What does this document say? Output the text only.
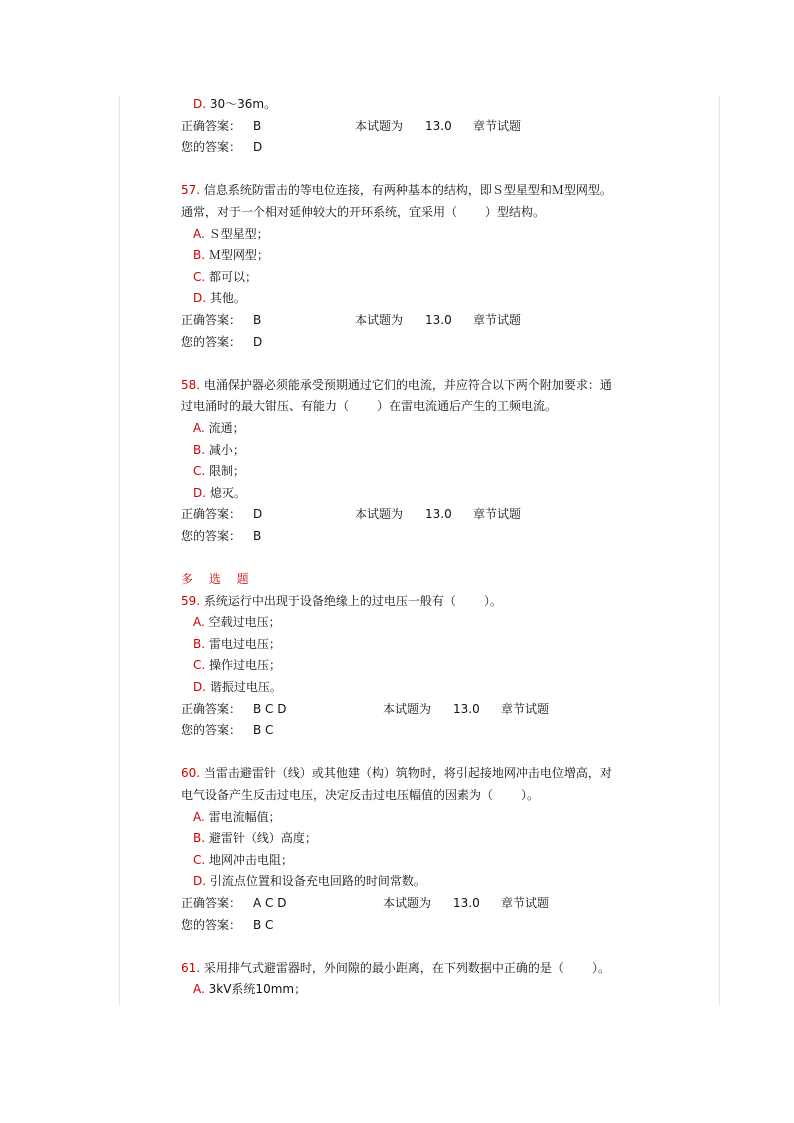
D. 30～36m。
正确答案： B	本试题为	13.0	章节试题
您的答案： D
57. 信息系统防雷击的等电位连接，有两种基本的结构，即Ｓ型星型和Ｍ型网型。
通常，对于一个相对延伸较大的开环系统，宜采用（ ）型结构。
A. Ｓ型星型；
B. Ｍ型网型；
C. 都可以；
D. 其他。
正确答案： B	本试题为	13.0	章节试题
您的答案： D
58. 电涌保护器必须能承受预期通过它们的电流，并应符合以下两个附加要求：通
过电涌时的最大钳压、有能力（ ）在雷电流通后产生的工频电流。
A. 流通；
B. 减小；
C. 限制；
D. 熄灭。
正确答案： D	本试题为	13.0	章节试题
您的答案： B
多 选 题
59. 系统运行中出现于设备绝缘上的过电压一般有（ ）。
A. 空载过电压；
B. 雷电过电压；
C. 操作过电压；
D. 谐振过电压。
正确答案： B C D	本试题为	13.0	章节试题
您的答案： B C
60. 当雷击避雷针（线）或其他建（构）筑物时，将引起接地网冲击电位增高，对
电气设备产生反击过电压，决定反击过电压幅值的因素为（ ）。
A. 雷电流幅值；
B. 避雷针（线）高度；
C. 地网冲击电阻；
D. 引流点位置和设备充电回路的时间常数。
正确答案： A C D	本试题为	13.0	章节试题
您的答案： B C
61. 采用排气式避雷器时，外间隙的最小距离，在下列数据中正确的是（ ）。
A. 3kV系统10mm；
